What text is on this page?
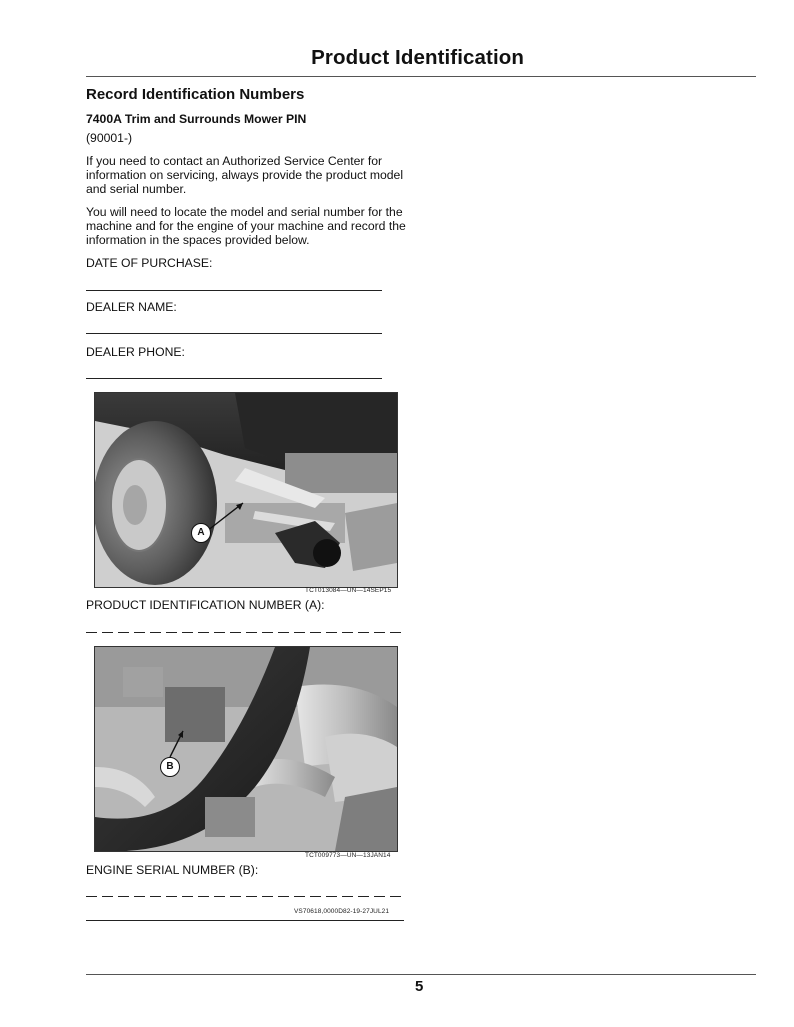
Product Identification
Record Identification Numbers
7400A Trim and Surrounds Mower PIN
(90001-)
If you need to contact an Authorized Service Center for information on servicing, always provide the product model and serial number.
You will need to locate the model and serial number for the machine and for the engine of your machine and record the information in the spaces provided below.
DATE OF PURCHASE:
DEALER NAME:
DEALER PHONE:
A
TCT013084—UN—14SEP15
PRODUCT IDENTIFICATION NUMBER (A):
B
TCT009773—UN—13JAN14
ENGINE SERIAL NUMBER (B):
VS70618,0000D82-19-27JUL21
5
